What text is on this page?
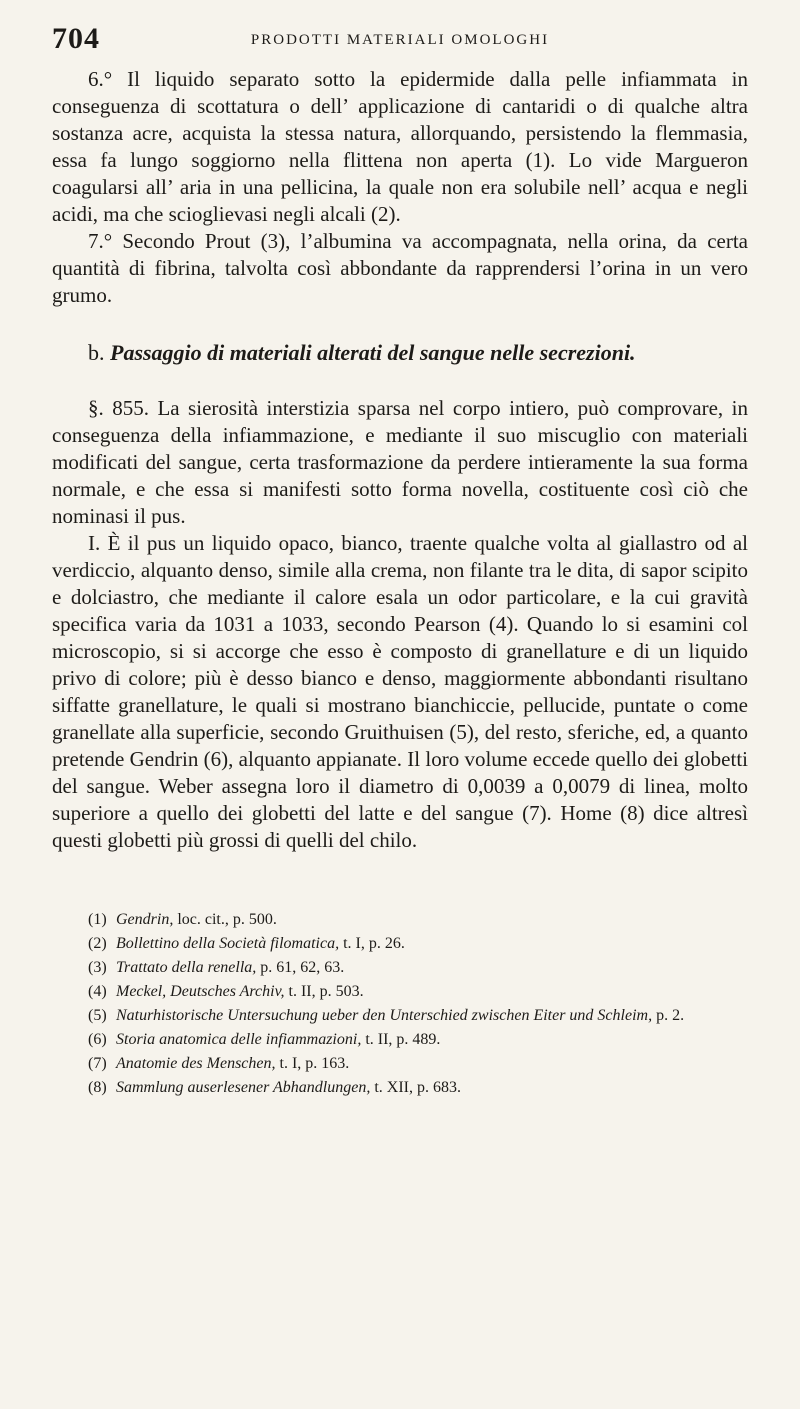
704	PRODOTTI MATERIALI OMOLOGHI

6.° Il liquido separato sotto la epidermide dalla pelle infiammata in conseguenza di scottatura o dell’ applicazione di cantaridi o di qualche altra sostanza acre, acquista la stessa natura, allorquando, persistendo la flemmasia, essa fa lungo soggiorno nella flittena non aperta (1). Lo vide Margueron coagularsi all’ aria in una pellicina, la quale non era solubile nell’ acqua e negli acidi, ma che scioglievasi negli alcali (2).

7.° Secondo Prout (3), l’albumina va accompagnata, nella orina, da certa quantità di fibrina, talvolta così abbondante da rapprendersi l’orina in un vero grumo.

b. Passaggio di materiali alterati del sangue nelle secrezioni.

§. 855. La sierosità interstizia sparsa nel corpo intiero, può comprovare, in conseguenza della infiammazione, e mediante il suo miscuglio con materiali modificati del sangue, certa trasformazione da perdere intieramente la sua forma normale, e che essa si manifesti sotto forma novella, costituente così ciò che nominasi il pus.

I. È il pus un liquido opaco, bianco, traente qualche volta al giallastro od al verdiccio, alquanto denso, simile alla crema, non filante tra le dita, di sapor scipito e dolciastro, che mediante il calore esala un odor particolare, e la cui gravità specifica varia da 1031 a 1033, secondo Pearson (4). Quando lo si esamini col microscopio, si si accorge che esso è composto di granellature e di un liquido privo di colore; più è desso bianco e denso, maggiormente abbondanti risultano siffatte granellature, le quali si mostrano bianchiccie, pellucide, puntate o come granellate alla superficie, secondo Gruithuisen (5), del resto, sferiche, ed, a quanto pretende Gendrin (6), alquanto appianate. Il loro volume eccede quello dei globetti del sangue. Weber assegna loro il diametro di 0,0039 a 0,0079 di linea, molto superiore a quello dei globetti del latte e del sangue (7). Home (8) dice altresì questi globetti più grossi di quelli del chilo.

(1) Gendrin, loc. cit., p. 500.

(2) Bollettino della Società filomatica, t. I, p. 26.

(3) Trattato della renella, p. 61, 62, 63.

(4) Meckel, Deutsches Archiv, t. II, p. 503.

(5) Naturhistorische Untersuchung ueber den Unterschied zwischen Eiter und Schleim, p. 2.

(6) Storia anatomica delle infiammazioni, t. II, p. 489.

(7) Anatomie des Menschen, t. I, p. 163.

(8) Sammlung auserlesener Abhandlungen, t. XII, p. 683.
